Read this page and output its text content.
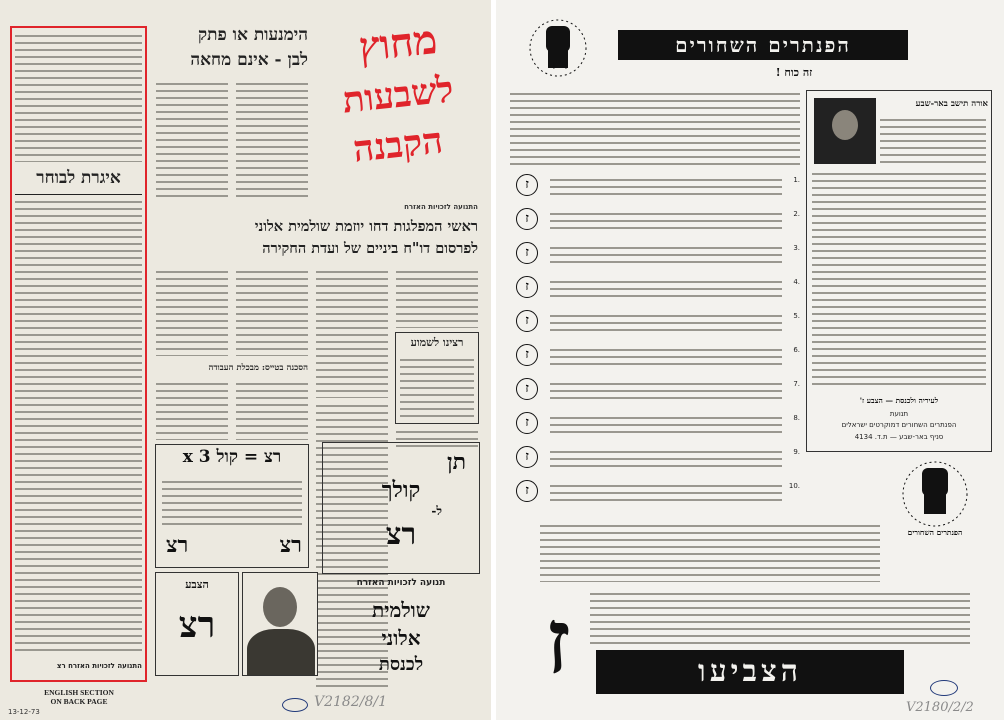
איגרת לבוחר
התנועה לזכויות האזרח רצ
הימנעות או פתק
לבן - אינם מחאה	מחוץ
לשבעות
הקבנה
התנועה לזכויות האזרח
ראשי המפלגות דחו יוזמת שולמית אלוני
לפרסום דו"ח ביניים של ועדת החקירה
רצינו לשמוע
הסכנה בטייס: מבכלת העבודה
רצ = קול 3 x
רצ	רצ
תן
קולך
ל-
רצ
תנועה לזכויות האזרח
שולמית
אלוני
לכנסת
הצבע
רצ
ENGLISH SECTION
ON BACK PAGE
13-12-73
V2182/8/1
ד"ז
הפנתרים השחורים
זה כוח !
ז	1.
ז	2.
ז	3.
ז	4.
ז	5.
ז	6.
ז	7.
ז	8.
ז	9.
ז	10.
אורה תישב באר-שבע
לעיריה ולכנסת — הצבע ז'
תנועת
הפנתרים השחורים דמוקרטים ישראלים
סניף באר-שבע — ת.ד. 4134
הפנתרים השחורים
ז	הצביעו
V2180/2/2
